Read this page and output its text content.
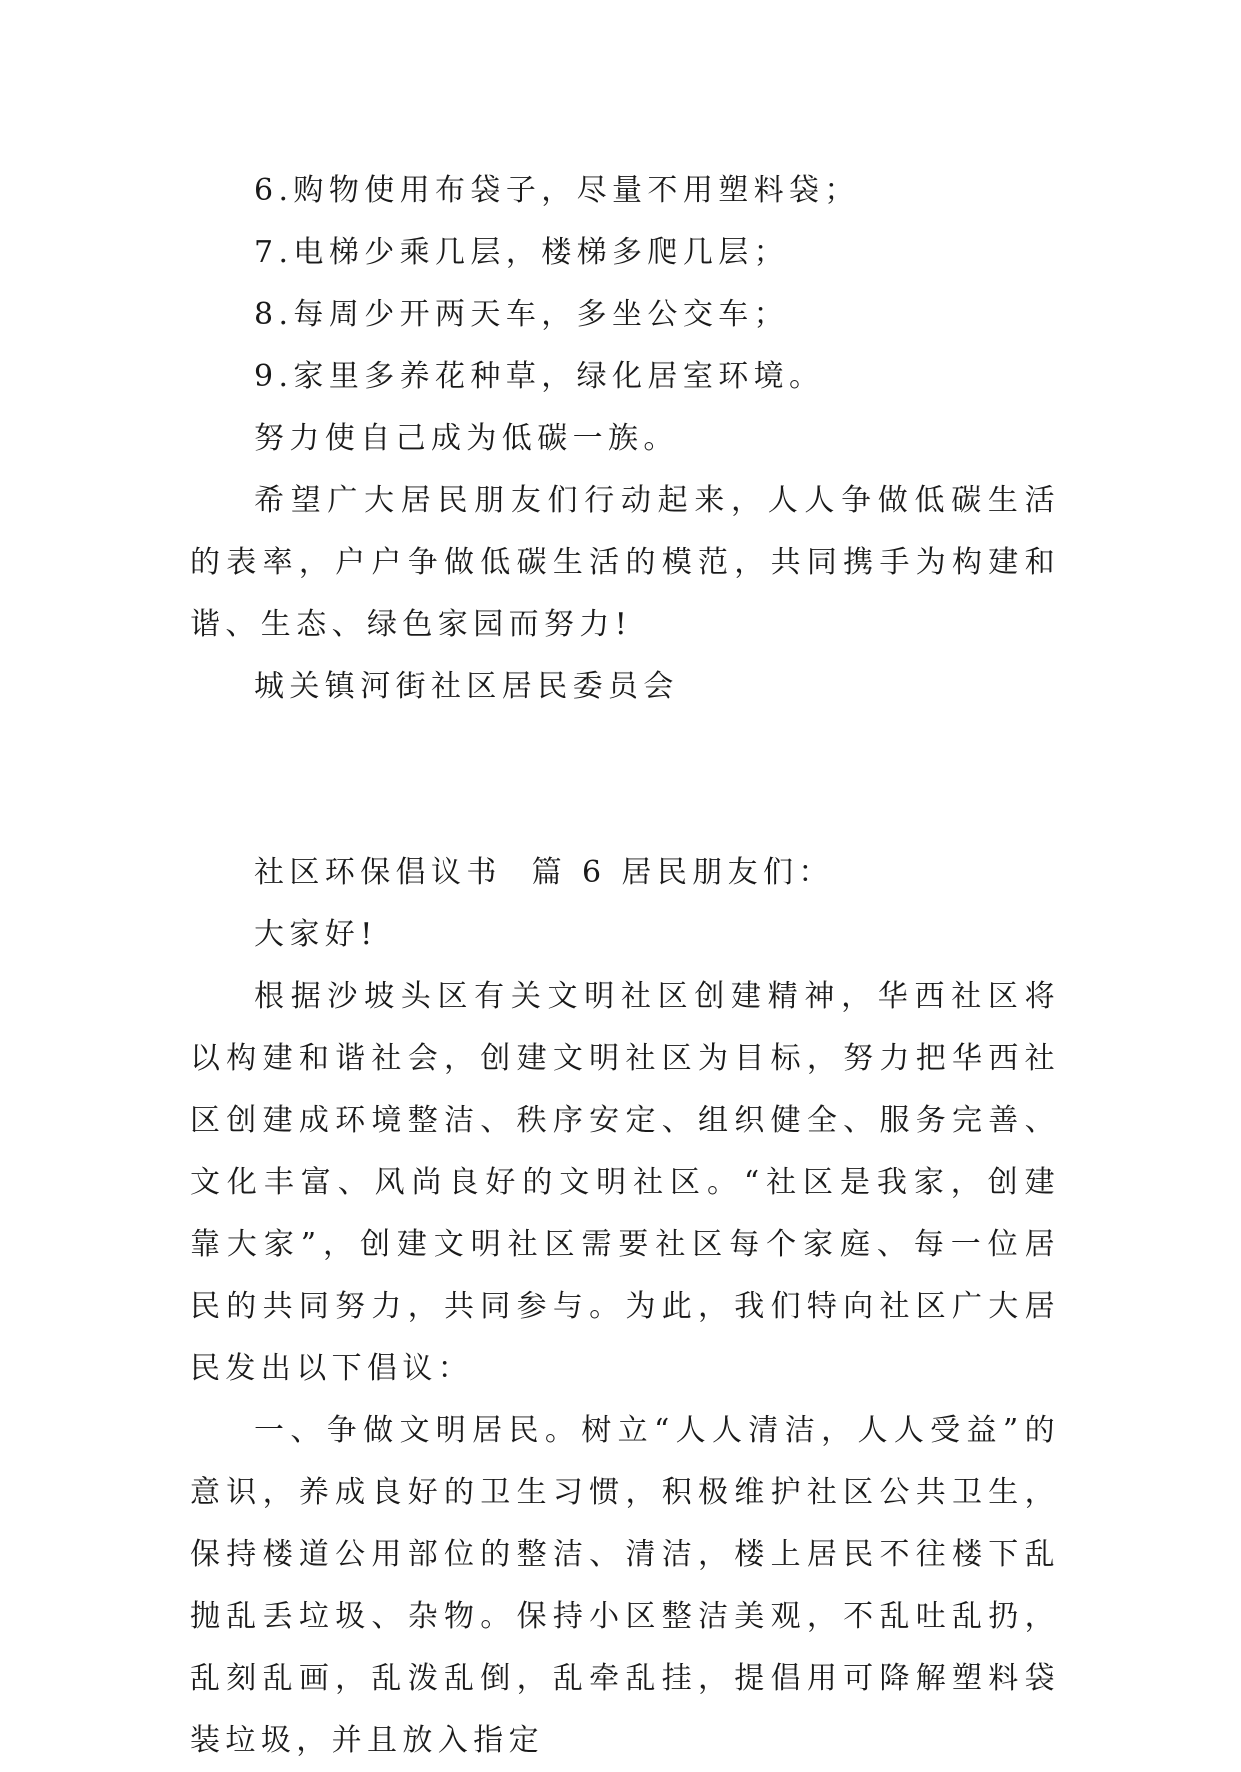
6.购物使用布袋子，尽量不用塑料袋；

7.电梯少乘几层，楼梯多爬几层；

8.每周少开两天车，多坐公交车；

9.家里多养花种草，绿化居室环境。

努力使自己成为低碳一族。

希望广大居民朋友们行动起来，人人争做低碳生活的表率，户户争做低碳生活的模范，共同携手为构建和谐、生态、绿色家园而努力!

城关镇河街社区居民委员会

社区环保倡议书  篇 6 居民朋友们：

大家好!

根据沙坡头区有关文明社区创建精神，华西社区将以构建和谐社会，创建文明社区为目标，努力把华西社区创建成环境整洁、秩序安定、组织健全、服务完善、文化丰富、风尚良好的文明社区。“社区是我家，创建靠大家”，创建文明社区需要社区每个家庭、每一位居民的共同努力，共同参与。为此，我们特向社区广大居民发出以下倡议：

一、争做文明居民。树立“人人清洁，人人受益”的意识，养成良好的卫生习惯，积极维护社区公共卫生，保持楼道公用部位的整洁、清洁，楼上居民不往楼下乱抛乱丢垃圾、杂物。保持小区整洁美观，不乱吐乱扔，乱刻乱画，乱泼乱倒，乱牵乱挂，提倡用可降解塑料袋装垃圾，并且放入指定
